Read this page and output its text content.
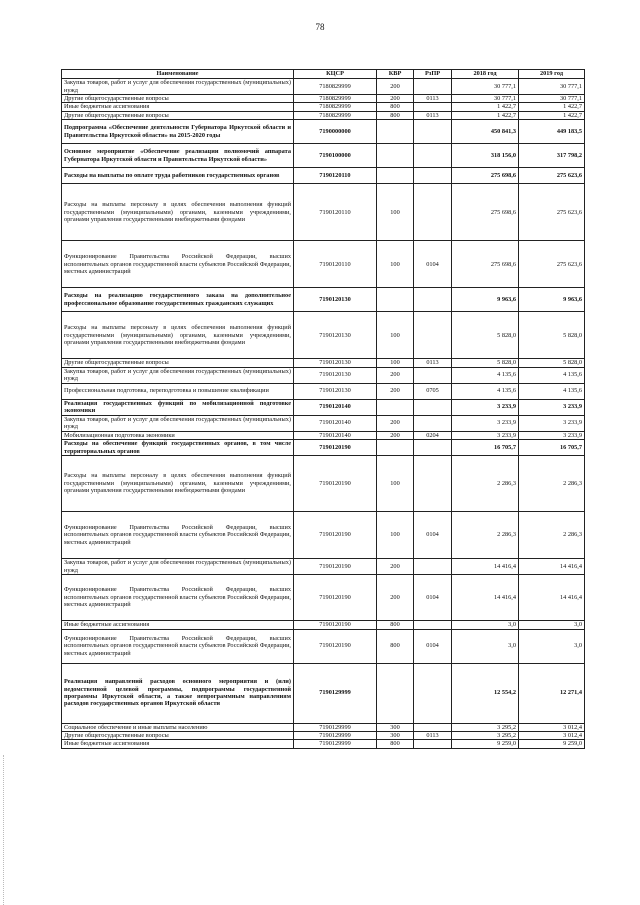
78
Наименование	КЦСР	КВР	РзПР	2018 год	2019 год
Закупка товаров, работ и услуг для обеспечения государственных (муниципальных) нужд	7180829999	200		30 777,1	30 777,1
Другие общегосударственные вопросы	7180829999	200	0113	30 777,1	30 777,1
Иные бюджетные ассигнования	7180829999	800		1 422,7	1 422,7
Другие общегосударственные вопросы	7180829999	800	0113	1 422,7	1 422,7
Подпрограмма «Обеспечение деятельности Губернатора Иркутской области и Правительства Иркутской области» на 2015-2020 годы	7190000000			450 841,3	449 183,5
Основное мероприятие «Обеспечение реализации полномочий аппарата Губернатора Иркутской области и Правительства Иркутской области»	7190100000			318 156,0	317 798,2
Расходы на выплаты по оплате труда работников государственных органов	7190120110			275 698,6	275 623,6
Расходы на выплаты персоналу в целях обеспечения выполнения функций государственными (муниципальными) органами, казенными учреждениями, органами управления государственными внебюджетными фондами	7190120110	100		275 698,6	275 623,6
Функционирование Правительства Российской Федерации, высших исполнительных органов государственной власти субъектов Российской Федерации, местных администраций	7190120110	100	0104	275 698,6	275 623,6
Расходы на реализацию государственного заказа на дополнительное профессиональное образование государственных гражданских служащих	7190120130			9 963,6	9 963,6
Расходы на выплаты персоналу в целях обеспечения выполнения функций государственными (муниципальными) органами, казенными учреждениями, органами управления государственными внебюджетными фондами	7190120130	100		5 828,0	5 828,0
Другие общегосударственные вопросы	7190120130	100	0113	5 828,0	5 828,0
Закупка товаров, работ и услуг для обеспечения государственных (муниципальных) нужд	7190120130	200		4 135,6	4 135,6
Профессиональная подготовка, переподготовка и повышение квалификации	7190120130	200	0705	4 135,6	4 135,6
Реализация государственных функций по мобилизационной подготовке экономики	7190120140			3 233,9	3 233,9
Закупка товаров, работ и услуг для обеспечения государственных (муниципальных) нужд	7190120140	200		3 233,9	3 233,9
Мобилизационная подготовка экономики	7190120140	200	0204	3 233,9	3 233,9
Расходы на обеспечение функций государственных органов, в том числе территориальных органов	7190120190			16 705,7	16 705,7
Расходы на выплаты персоналу в целях обеспечения выполнения функций государственными (муниципальными) органами, казенными учреждениями, органами управления государственными внебюджетными фондами	7190120190	100		2 286,3	2 286,3
Функционирование Правительства Российской Федерации, высших исполнительных органов государственной власти субъектов Российской Федерации, местных администраций	7190120190	100	0104	2 286,3	2 286,3
Закупка товаров, работ и услуг для обеспечения государственных (муниципальных) нужд	7190120190	200		14 416,4	14 416,4
Функционирование Правительства Российской Федерации, высших исполнительных органов государственной власти субъектов Российской Федерации, местных администраций	7190120190	200	0104	14 416,4	14 416,4
Иные бюджетные ассигнования	7190120190	800		3,0	3,0
Функционирование Правительства Российской Федерации, высших исполнительных органов государственной власти субъектов Российской Федерации, местных администраций	7190120190	800	0104	3,0	3,0
Реализация направлений расходов основного мероприятия и (или) ведомственной целевой программы, подпрограммы государственной программы Иркутской области, а также непрограммным направлениям расходов государственных органов Иркутской области	7190129999			12 554,2	12 271,4
Социальное обеспечение и иные выплаты населению	7190129999	300		3 295,2	3 012,4
Другие общегосударственные вопросы	7190129999	300	0113	3 295,2	3 012,4
Иные бюджетные ассигнования	7190129999	800		9 259,0	9 259,0
